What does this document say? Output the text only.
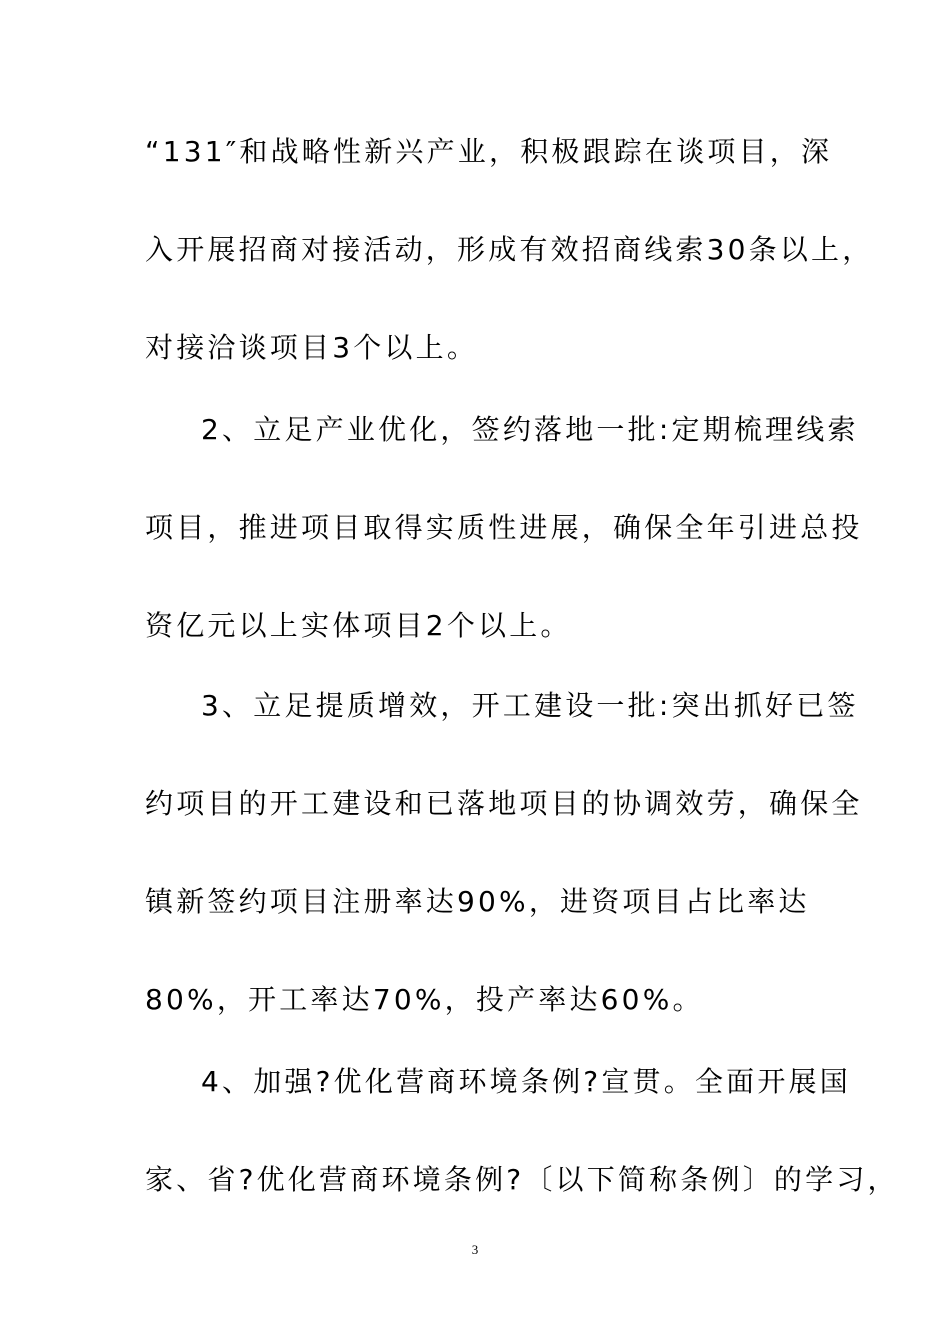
“131″和战略性新兴产业，积极跟踪在谈项目，深
入开展招商对接活动，形成有效招商线索30条以上，
对接洽谈项目3个以上。
2、立足产业优化，签约落地一批:定期梳理线索
项目，推进项目取得实质性进展，确保全年引进总投
资亿元以上实体项目2个以上。
3、立足提质增效，开工建设一批:突出抓好已签
约项目的开工建设和已落地项目的协调效劳，确保全
镇新签约项目注册率达90%，进资项目占比率达
80%，开工率达70%，投产率达60%。
4、加强?优化营商环境条例?宣贯。全面开展国
家、省?优化营商环境条例?〔以下简称条例〕的学习，
3
